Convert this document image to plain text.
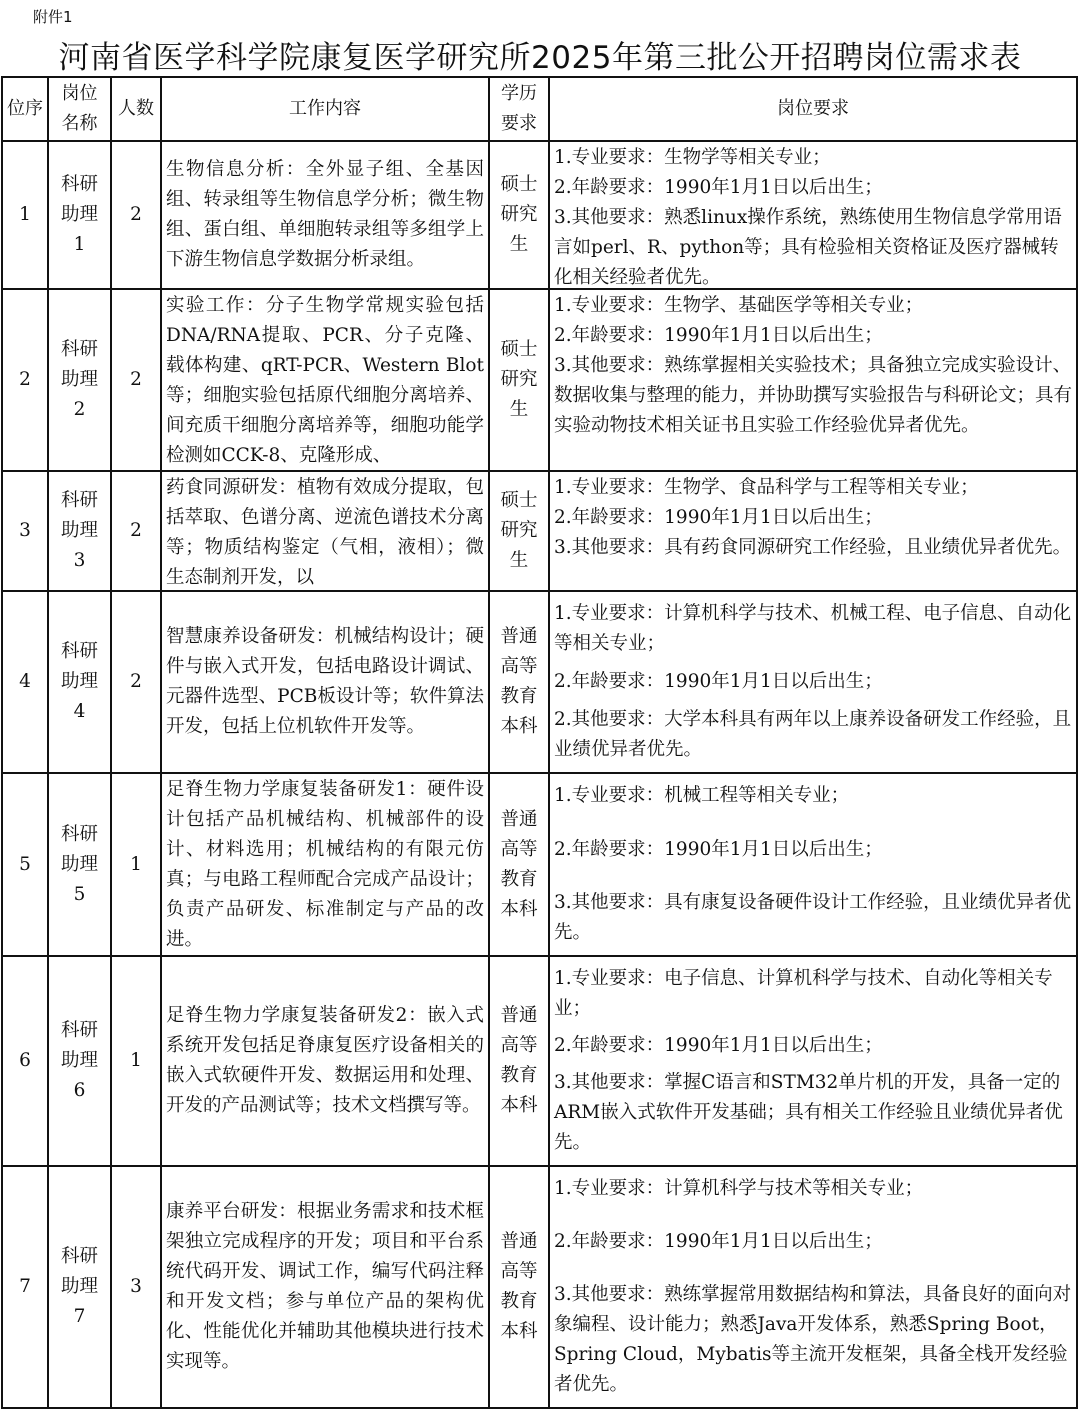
附件1
河南省医学科学院康复医学研究所2025年第三批公开招聘岗位需求表
位序	岗位名称	人数	工作内容	学历要求	岗位要求
1	科研助理1	2	生物信息分析：全外显子组、全基因组、转录组等生物信息学分析；微生物组、蛋白组、单细胞转录组等多组学上下游生物信息学数据分析录组。	硕士研究生	1.专业要求：生物学等相关专业；
2.年龄要求：1990年1月1日以后出生；
3.其他要求：熟悉linux操作系统，熟练使用生物信息学常用语言如perl、R、python等；具有检验相关资格证及医疗器械转化相关经验者优先。

2	科研助理2	2	实验工作：分子生物学常规实验包括DNA/RNA提取、PCR、分子克隆、载体构建、qRT-PCR、Western Blot等；细胞实验包括原代细胞分离培养、间充质干细胞分离培养等，细胞功能学检测如CCK-8、克隆形成、	硕士研究生	1.专业要求：生物学、基础医学等相关专业；
2.年龄要求：1990年1月1日以后出生；
3.其他要求：熟练掌握相关实验技术；具备独立完成实验设计、数据收集与整理的能力，并协助撰写实验报告与科研论文；具有实验动物技术相关证书且实验工作经验优异者优先。

3	科研助理3	2	药食同源研发：植物有效成分提取，包括萃取、色谱分离、逆流色谱技术分离等；物质结构鉴定（气相，液相）；微生态制剂开发，以	硕士研究生	1.专业要求：生物学、食品科学与工程等相关专业；
2.年龄要求：1990年1月1日以后出生；
3.其他要求：具有药食同源研究工作经验，且业绩优异者优先。

4	科研助理4	2	智慧康养设备研发：机械结构设计；硬件与嵌入式开发，包括电路设计调试、元器件选型、PCB板设计等；软件算法开发，包括上位机软件开发等。	普通高等教育本科	1.专业要求：计算机科学与技术、机械工程、电子信息、自动化等相关专业；
2.年龄要求：1990年1月1日以后出生；
2.其他要求：大学本科具有两年以上康养设备研发工作经验，且业绩优异者优先。

5	科研助理5	1	足脊生物力学康复装备研发1：硬件设计包括产品机械结构、机械部件的设计、材料选用；机械结构的有限元仿真；与电路工程师配合完成产品设计；负责产品研发、标准制定与产品的改进。	普通高等教育本科	1.专业要求：机械工程等相关专业；
2.年龄要求：1990年1月1日以后出生；
3.其他要求：具有康复设备硬件设计工作经验，且业绩优异者优先。

6	科研助理6	1	足脊生物力学康复装备研发2：嵌入式系统开发包括足脊康复医疗设备相关的嵌入式软硬件开发、数据运用和处理、开发的产品测试等；技术文档撰写等。	普通高等教育本科	1.专业要求：电子信息、计算机科学与技术、自动化等相关专业；
2.年龄要求：1990年1月1日以后出生；
3.其他要求：掌握C语言和STM32单片机的开发，具备一定的ARM嵌入式软件开发基础；具有相关工作经验且业绩优异者优先。

7	科研助理7	3	康养平台研发：根据业务需求和技术框架独立完成程序的开发；项目和平台系统代码开发、调试工作，编写代码注释和开发文档；参与单位产品的架构优化、性能优化并辅助其他模块进行技术实现等。	普通高等教育本科	1.专业要求：计算机科学与技术等相关专业；
2.年龄要求：1990年1月1日以后出生；
3.其他要求：熟练掌握常用数据结构和算法，具备良好的面向对象编程、设计能力；熟悉Java开发体系，熟悉Spring Boot，Spring Cloud，Mybatis等主流开发框架，具备全栈开发经验者优先。
